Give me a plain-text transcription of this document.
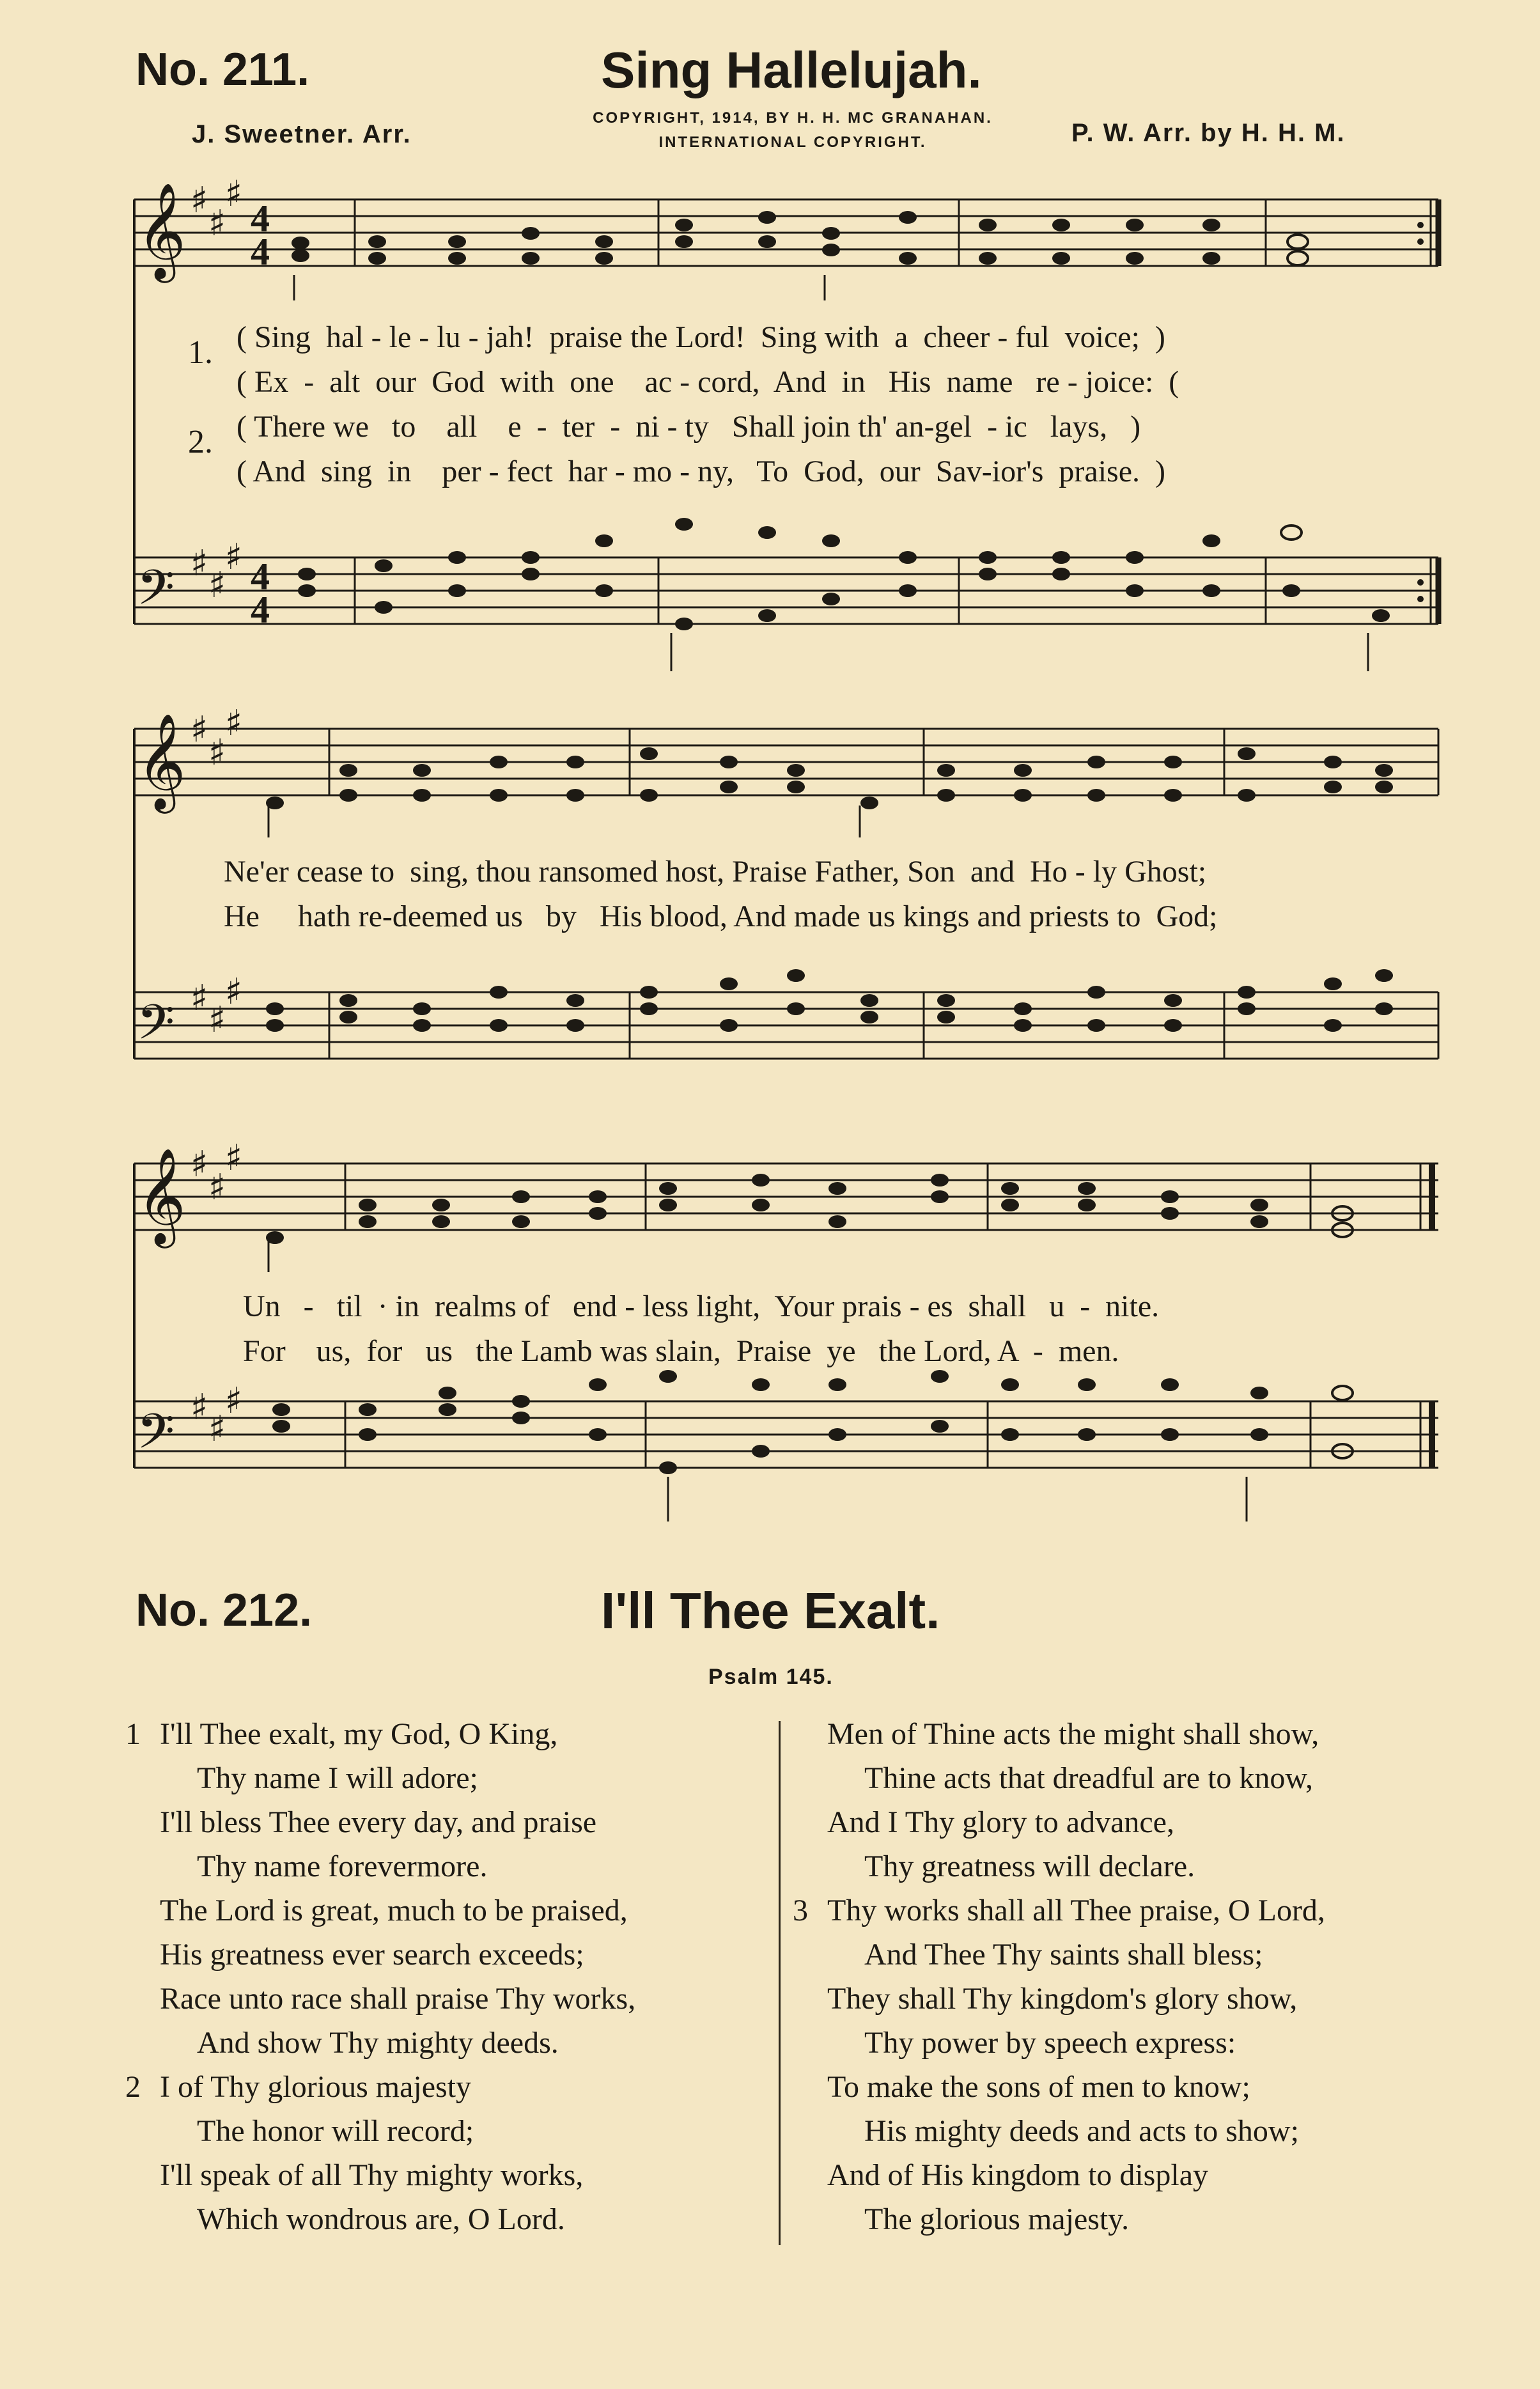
No. 211.	Sing Hallelujah.
J. Sweetner. Arr.
COPYRIGHT, 1914, BY H. H. MC GRANAHAN.
INTERNATIONAL COPYRIGHT.	P. W. Arr. by H. H. M.
𝄞
𝄢
♯
♯
♯
♯
♯
♯
4
4
4
4
1.
2.
( Sing  hal - le - lu - jah!  praise the Lord!  Sing with  a  cheer - ful  voice;  )
( Ex  -  alt  our  God  with  one    ac - cord,  And  in   His  name   re - joice:  (
( There we   to    all    e  -  ter  -  ni - ty   Shall join th' an-gel  - ic   lays,   )
( And  sing  in    per - fect  har - mo - ny,   To  God,  our  Sav-ior's  praise.  )
𝄞
𝄢
♯
♯
♯
♯
♯
♯
Ne'er cease to  sing, thou ransomed host, Praise Father, Son  and  Ho - ly Ghost;
He     hath re-deemed us   by   His blood, And made us kings and priests to  God;
𝄞
𝄢
♯
♯
♯
♯
♯
♯
Un   -   til  · in  realms of   end - less light,  Your prais - es  shall   u  -  nite.
For    us,  for   us   the Lamb was slain,  Praise  ye   the Lord, A  -  men.
No. 212.	I'll Thee Exalt.
Psalm 145.
1 I'll Thee exalt, my God, O King,
Thy name I will adore;
I'll bless Thee every day, and praise
Thy name forevermore.
The Lord is great, much to be praised,
His greatness ever search exceeds;
Race unto race shall praise Thy works,
And show Thy mighty deeds.
2 I of Thy glorious majesty
The honor will record;
I'll speak of all Thy mighty works,
Which wondrous are, O Lord.
Men of Thine acts the might shall show,
Thine acts that dreadful are to know,
And I Thy glory to advance,
Thy greatness will declare.
3 Thy works shall all Thee praise, O Lord,
And Thee Thy saints shall bless;
They shall Thy kingdom's glory show,
Thy power by speech express:
To make the sons of men to know;
His mighty deeds and acts to show;
And of His kingdom to display
The glorious majesty.
